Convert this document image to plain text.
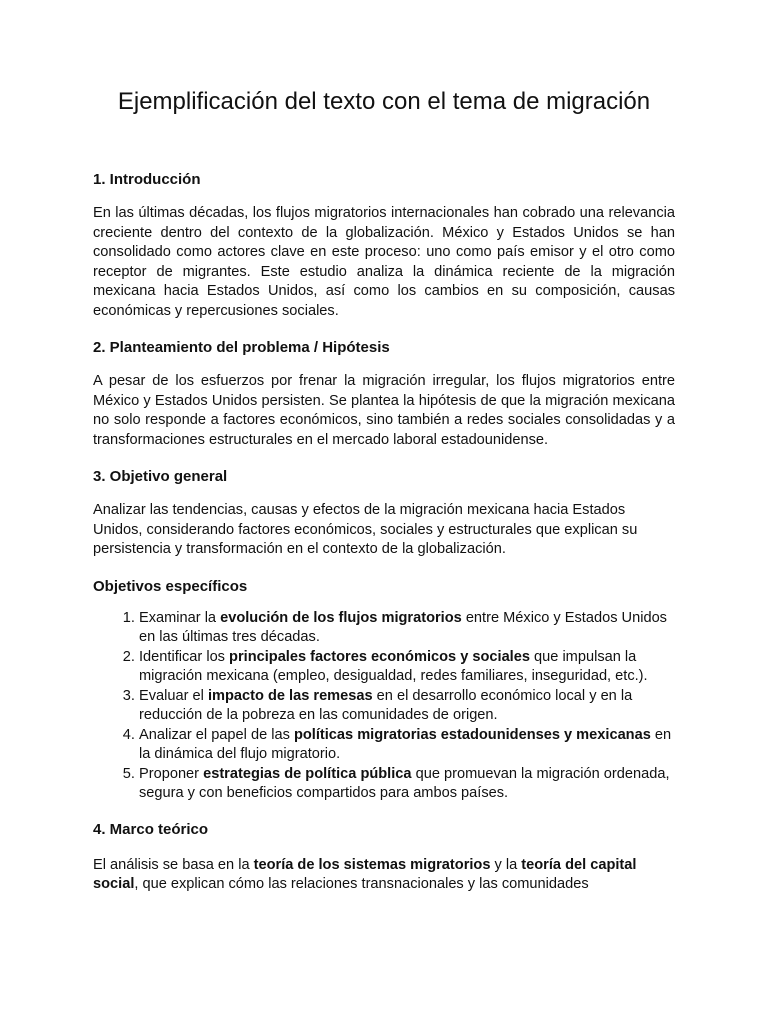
Ejemplificación del texto con el tema de migración
1. Introducción

En las últimas décadas, los flujos migratorios internacionales han cobrado una relevancia creciente dentro del contexto de la globalización. México y Estados Unidos se han consolidado como actores clave en este proceso: uno como país emisor y el otro como receptor de migrantes. Este estudio analiza la dinámica reciente de la migración mexicana hacia Estados Unidos, así como los cambios en su composición, causas económicas y repercusiones sociales.

2. Planteamiento del problema / Hipótesis

A pesar de los esfuerzos por frenar la migración irregular, los flujos migratorios entre México y Estados Unidos persisten. Se plantea la hipótesis de que la migración mexicana no solo responde a factores económicos, sino también a redes sociales consolidadas y a transformaciones estructurales en el mercado laboral estadounidense.

3. Objetivo general

Analizar las tendencias, causas y efectos de la migración mexicana hacia Estados Unidos, considerando factores económicos, sociales y estructurales que explican su persistencia y transformación en el contexto de la globalización.

Objetivos específicos
1. Examinar la evolución de los flujos migratorios entre México y Estados Unidos en las últimas tres décadas.
2. Identificar los principales factores económicos y sociales que impulsan la migración mexicana (empleo, desigualdad, redes familiares, inseguridad, etc.).
3. Evaluar el impacto de las remesas en el desarrollo económico local y en la reducción de la pobreza en las comunidades de origen.
4. Analizar el papel de las políticas migratorias estadounidenses y mexicanas en la dinámica del flujo migratorio.
5. Proponer estrategias de política pública que promuevan la migración ordenada, segura y con beneficios compartidos para ambos países.
4. Marco teórico

El análisis se basa en la teoría de los sistemas migratorios y la teoría del capital social, que explican cómo las relaciones transnacionales y las comunidades
